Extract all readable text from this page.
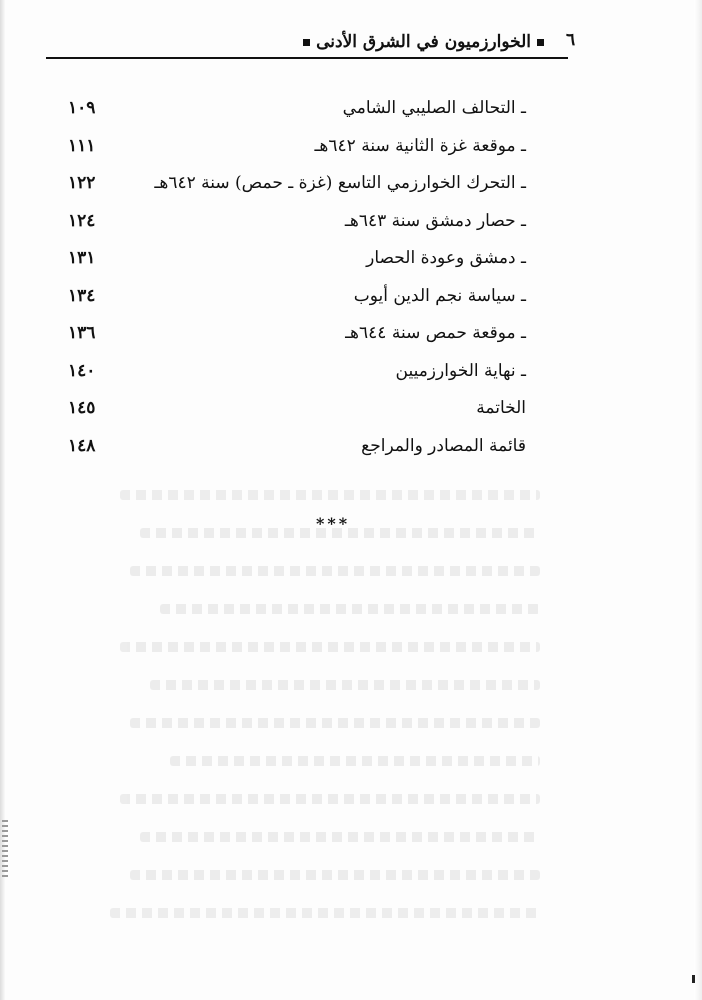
الخوارزميون في الشرق الأدنى	٦
ـ التحالف الصليبي الشامي
١٠٩
ـ موقعة غزة الثانية سنة ٦٤٢هـ
١١١
ـ التحرك الخوارزمي التاسع (غزة ـ حمص) سنة ٦٤٢هـ
١٢٢
ـ حصار دمشق سنة ٦٤٣هـ
١٢٤
ـ دمشق وعودة الحصار
١٣١
ـ سياسة نجم الدين أيوب
١٣٤
ـ موقعة حمص سنة ٦٤٤هـ
١٣٦
ـ نهاية الخوارزميين
١٤٠
الخاتمة
١٤٥
قائمة المصادر والمراجع
١٤٨
***
